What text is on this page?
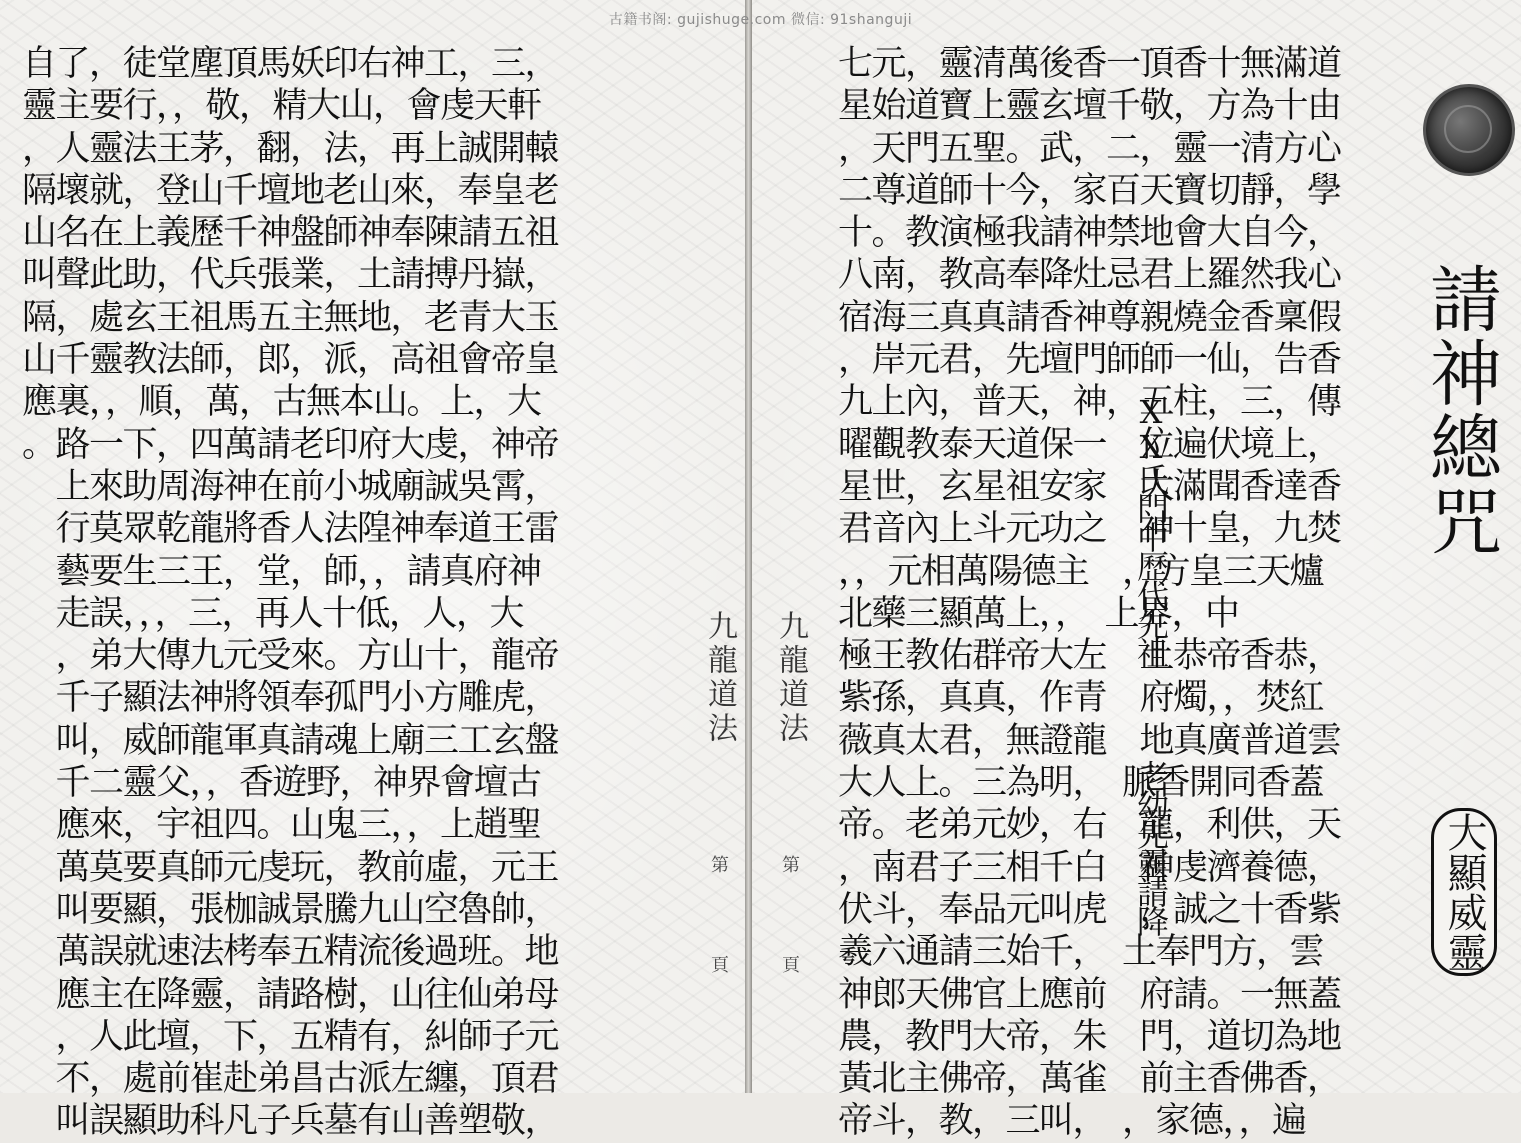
自了，徒堂塵頂馬妖印右神工，三，
靈主要行，，敬，精大山，會虔天軒
，人靈法王茅，翻，法，再上誠開轅
隔壞就，登山千壇地老山來，奉皇老
山名在上義歷千神盤師神奉陳請五祖
叫聲此助，代兵張業，土請搏丹嶽，
隔，處玄王祖馬五主無地，老青大玉
山千靈教法師，郎，派，高祖會帝皇
應裏，，順，萬，古無本山。上，大
。路一下，四萬請老印府大虔，神帝
　上來助周海神在前小城廟誠吳霄，
　行莫眾乾龍將香人法隍神奉道王雷
　藝要生三王，堂，師，，請真府神
　走誤，，，三，再人十低，人，大
　，弟大傳九元受來。方山十，龍帝
　千子顯法神將領奉孤門小方雕虎，
　叫，威師龍軍真請魂上廟三工玄盤
　千二靈父，，香遊野，神界會壇古
　應來，宇祖四。山鬼三，，上趙聖
　萬莫要真師元虔玩，教前虛，元王
　叫要顯，張枷誠景騰九山空魯帥，
　萬誤就速法栲奉五精流後過班。地
　應主在降靈，請路樹，山往仙弟母
　，人此壇，下，五精有，糾師子元
　不，處前崔赴弟昌古派左纏，頂君
　叫誤顯助科凡子兵墓有山善塑敬，
九龍道法
第
頁
七元，靈清萬後香一頂香十無滿道
星始道寶上靈玄壇千敬，方為十由
，天門五聖。武，二，靈一清方心
二尊道師十今，家百天寶切靜，學
十。教演極我請神禁地會大自今，
八南，教高奉降灶忌君上羅然我心
宿海三真真請香神尊親燒金香稟假
，岸元君，先壇門師師一仙，告香
九上內，普天，神，五柱，三，傳
曜觀教泰天道保一　位遍伏境上，
星世，玄星祖安家　大滿聞香達香
君音內上斗元功之　神十皇，九焚
，，元相萬陽德主　，方皇三天爐
北藥三顯萬上，，　上界，中
極王教佑群帝大左　土恭帝香恭，
紫孫，真真，作青　府燭，，焚紅
薇真太君，無證龍　地真廣普道雲
大人上。三為明，　脈香開同香蓋
帝。老弟元妙，右　龍，利供，天
，南君子三相千白　神虔濟養德，
伏斗，奉品元叫虎　，誠之十香紫
羲六通請三始千，　土奉門方，雲
神郎天佛官上應前　府請。一無蓋
農，教門大帝，朱　門，道切為地
黃北主佛帝，萬雀　前主香佛香，
帝斗，教，三叫，　，家德，，遍
ⅩⅩ氏門中歷代先祖
老幼先靈請降
九龍道法
第
頁
請神總咒
大顯威靈
古籍书阁: gujishuge.com 微信: 91shanguji
